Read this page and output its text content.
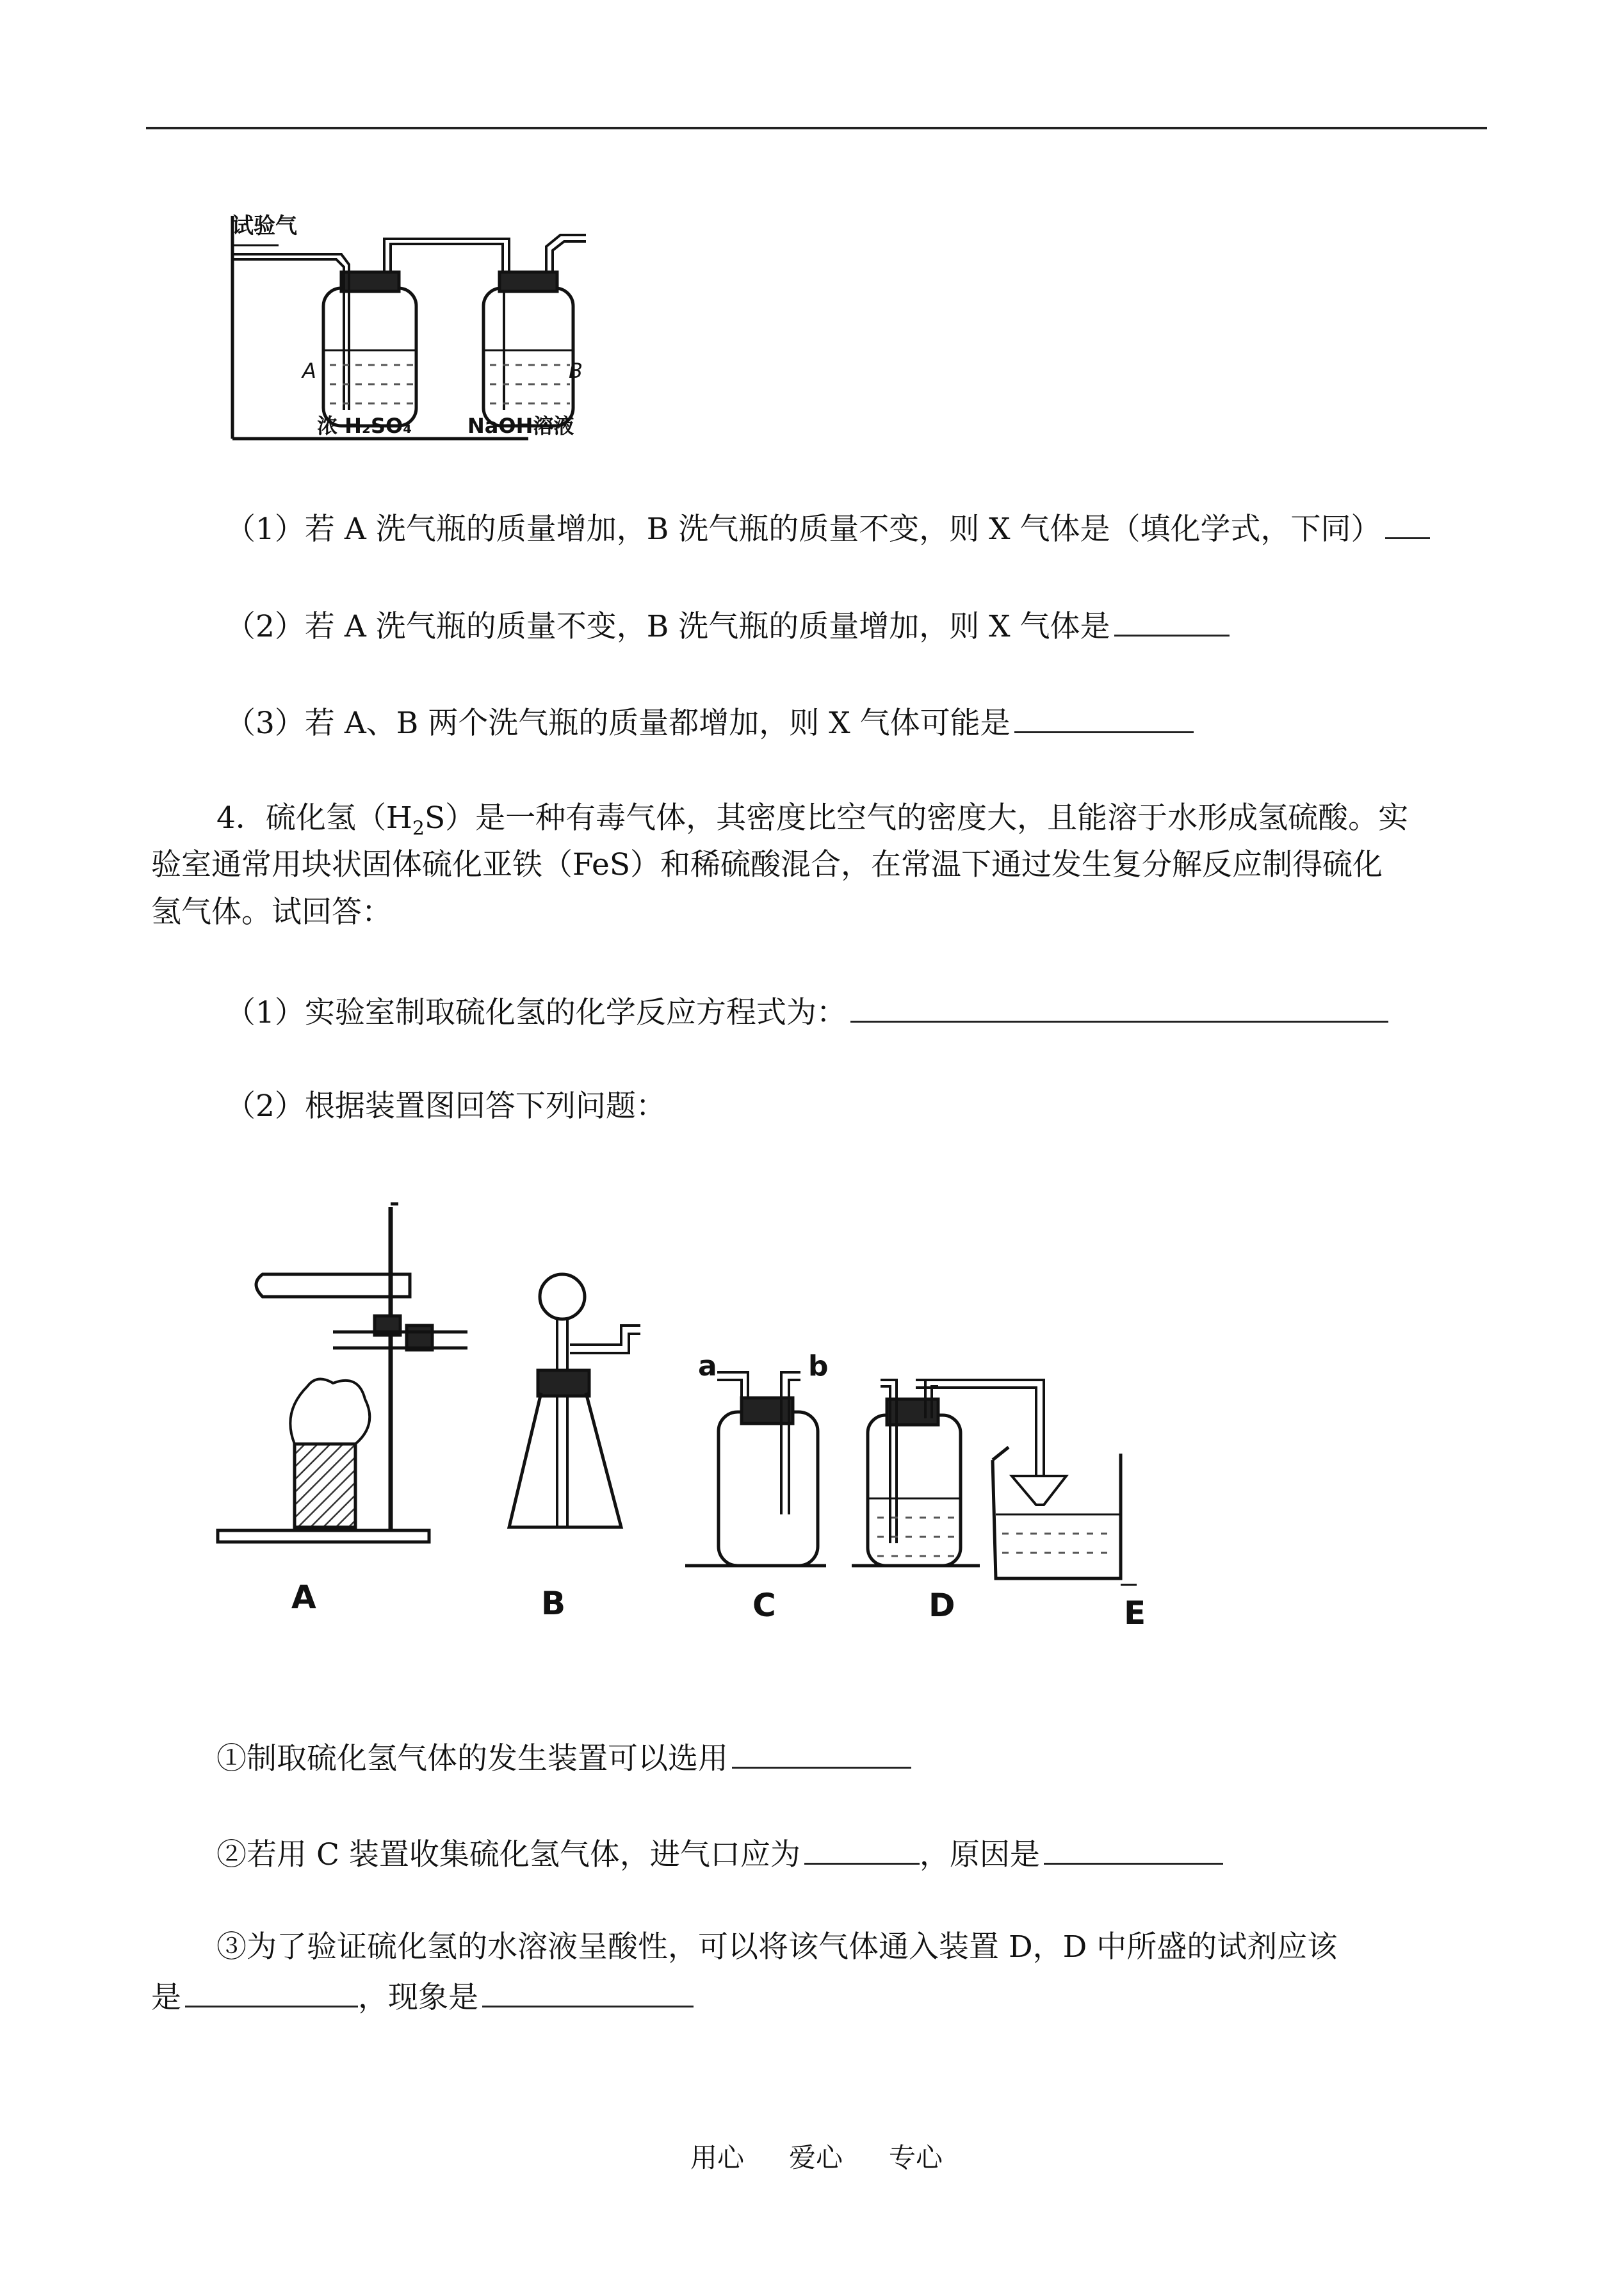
试验气
A	B
浓 H₂SO₄	NaOH溶液
（1）若 A 洗气瓶的质量增加，B 洗气瓶的质量不变，则 X 气体是（填化学式，下同）
（2）若 A 洗气瓶的质量不变，B 洗气瓶的质量增加，则 X 气体是
（3）若 A、B 两个洗气瓶的质量都增加，则 X 气体可能是
4．硫化氢$(H_2S)$是一种有毒气体，其密度比空气的密度大，且能溶于水形成氢硫酸。实
验室通常用块状固体硫化亚铁（FeS）和稀硫酸混合，在常温下通过发生复分解反应制得硫化
氢气体。试回答：
（1）实验室制取硫化氢的化学反应方程式为：
（2）根据装置图回答下列问题：
A	B	C	D	E
a	b
①制取硫化氢气体的发生装置可以选用
②若用 C 装置收集硫化氢气体，进气口应为	，原因是
③为了验证硫化氢的水溶液呈酸性，可以将该气体通入装置 D，D 中所盛的试剂应该
是	，现象是
用心 爱心 专心
